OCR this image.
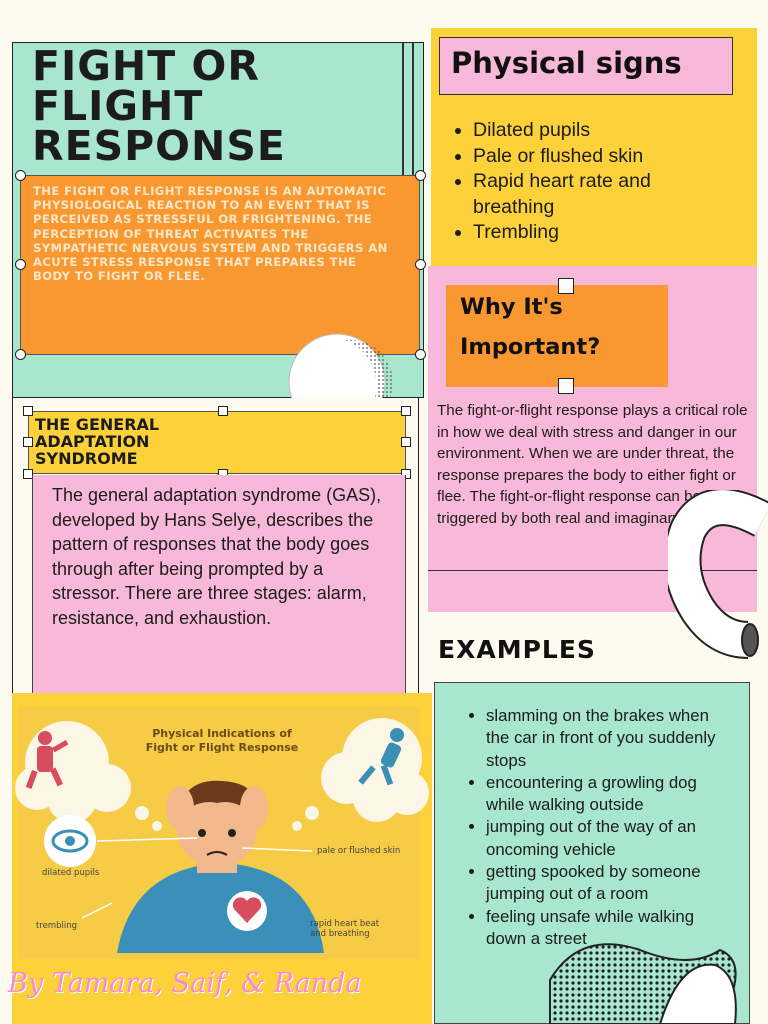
FIGHT OR
FLIGHT
RESPONSE
THE FIGHT OR FLIGHT RESPONSE IS AN AUTOMATIC PHYSIOLOGICAL REACTION TO AN EVENT THAT IS PERCEIVED AS STRESSFUL OR FRIGHTENING. THE PERCEPTION OF THREAT ACTIVATES THE SYMPATHETIC NERVOUS SYSTEM AND TRIGGERS AN ACUTE STRESS RESPONSE THAT PREPARES THE BODY TO FIGHT OR FLEE.
THE GENERAL ADAPTATION SYNDROME
The general adaptation syndrome (GAS), developed by Hans Selye, describes the pattern of responses that the body goes through after being prompted by a stressor. There are three stages: alarm, resistance, and exhaustion.
Physical Indications of
Fight or Flight Response
dilated pupils
pale or flushed skin
trembling	rapid heart beat
and breathing
By Tamara, Saif, & Randa
Physical signs
• Dilated pupils
• Pale or flushed skin
• Rapid heart rate and breathing
• Trembling
Why It's
Important?
The fight-or-flight response plays a critical role in how we deal with stress and danger in our environment. When we are under threat, the response prepares the body to either fight or flee. The fight-or-flight response can be triggered by both real and imaginary threats.
EXAMPLES
• slamming on the brakes when the car in front of you suddenly stops
• encountering a growling dog while walking outside
• jumping out of the way of an oncoming vehicle
• getting spooked by someone jumping out of a room
• feeling unsafe while walking down a street
